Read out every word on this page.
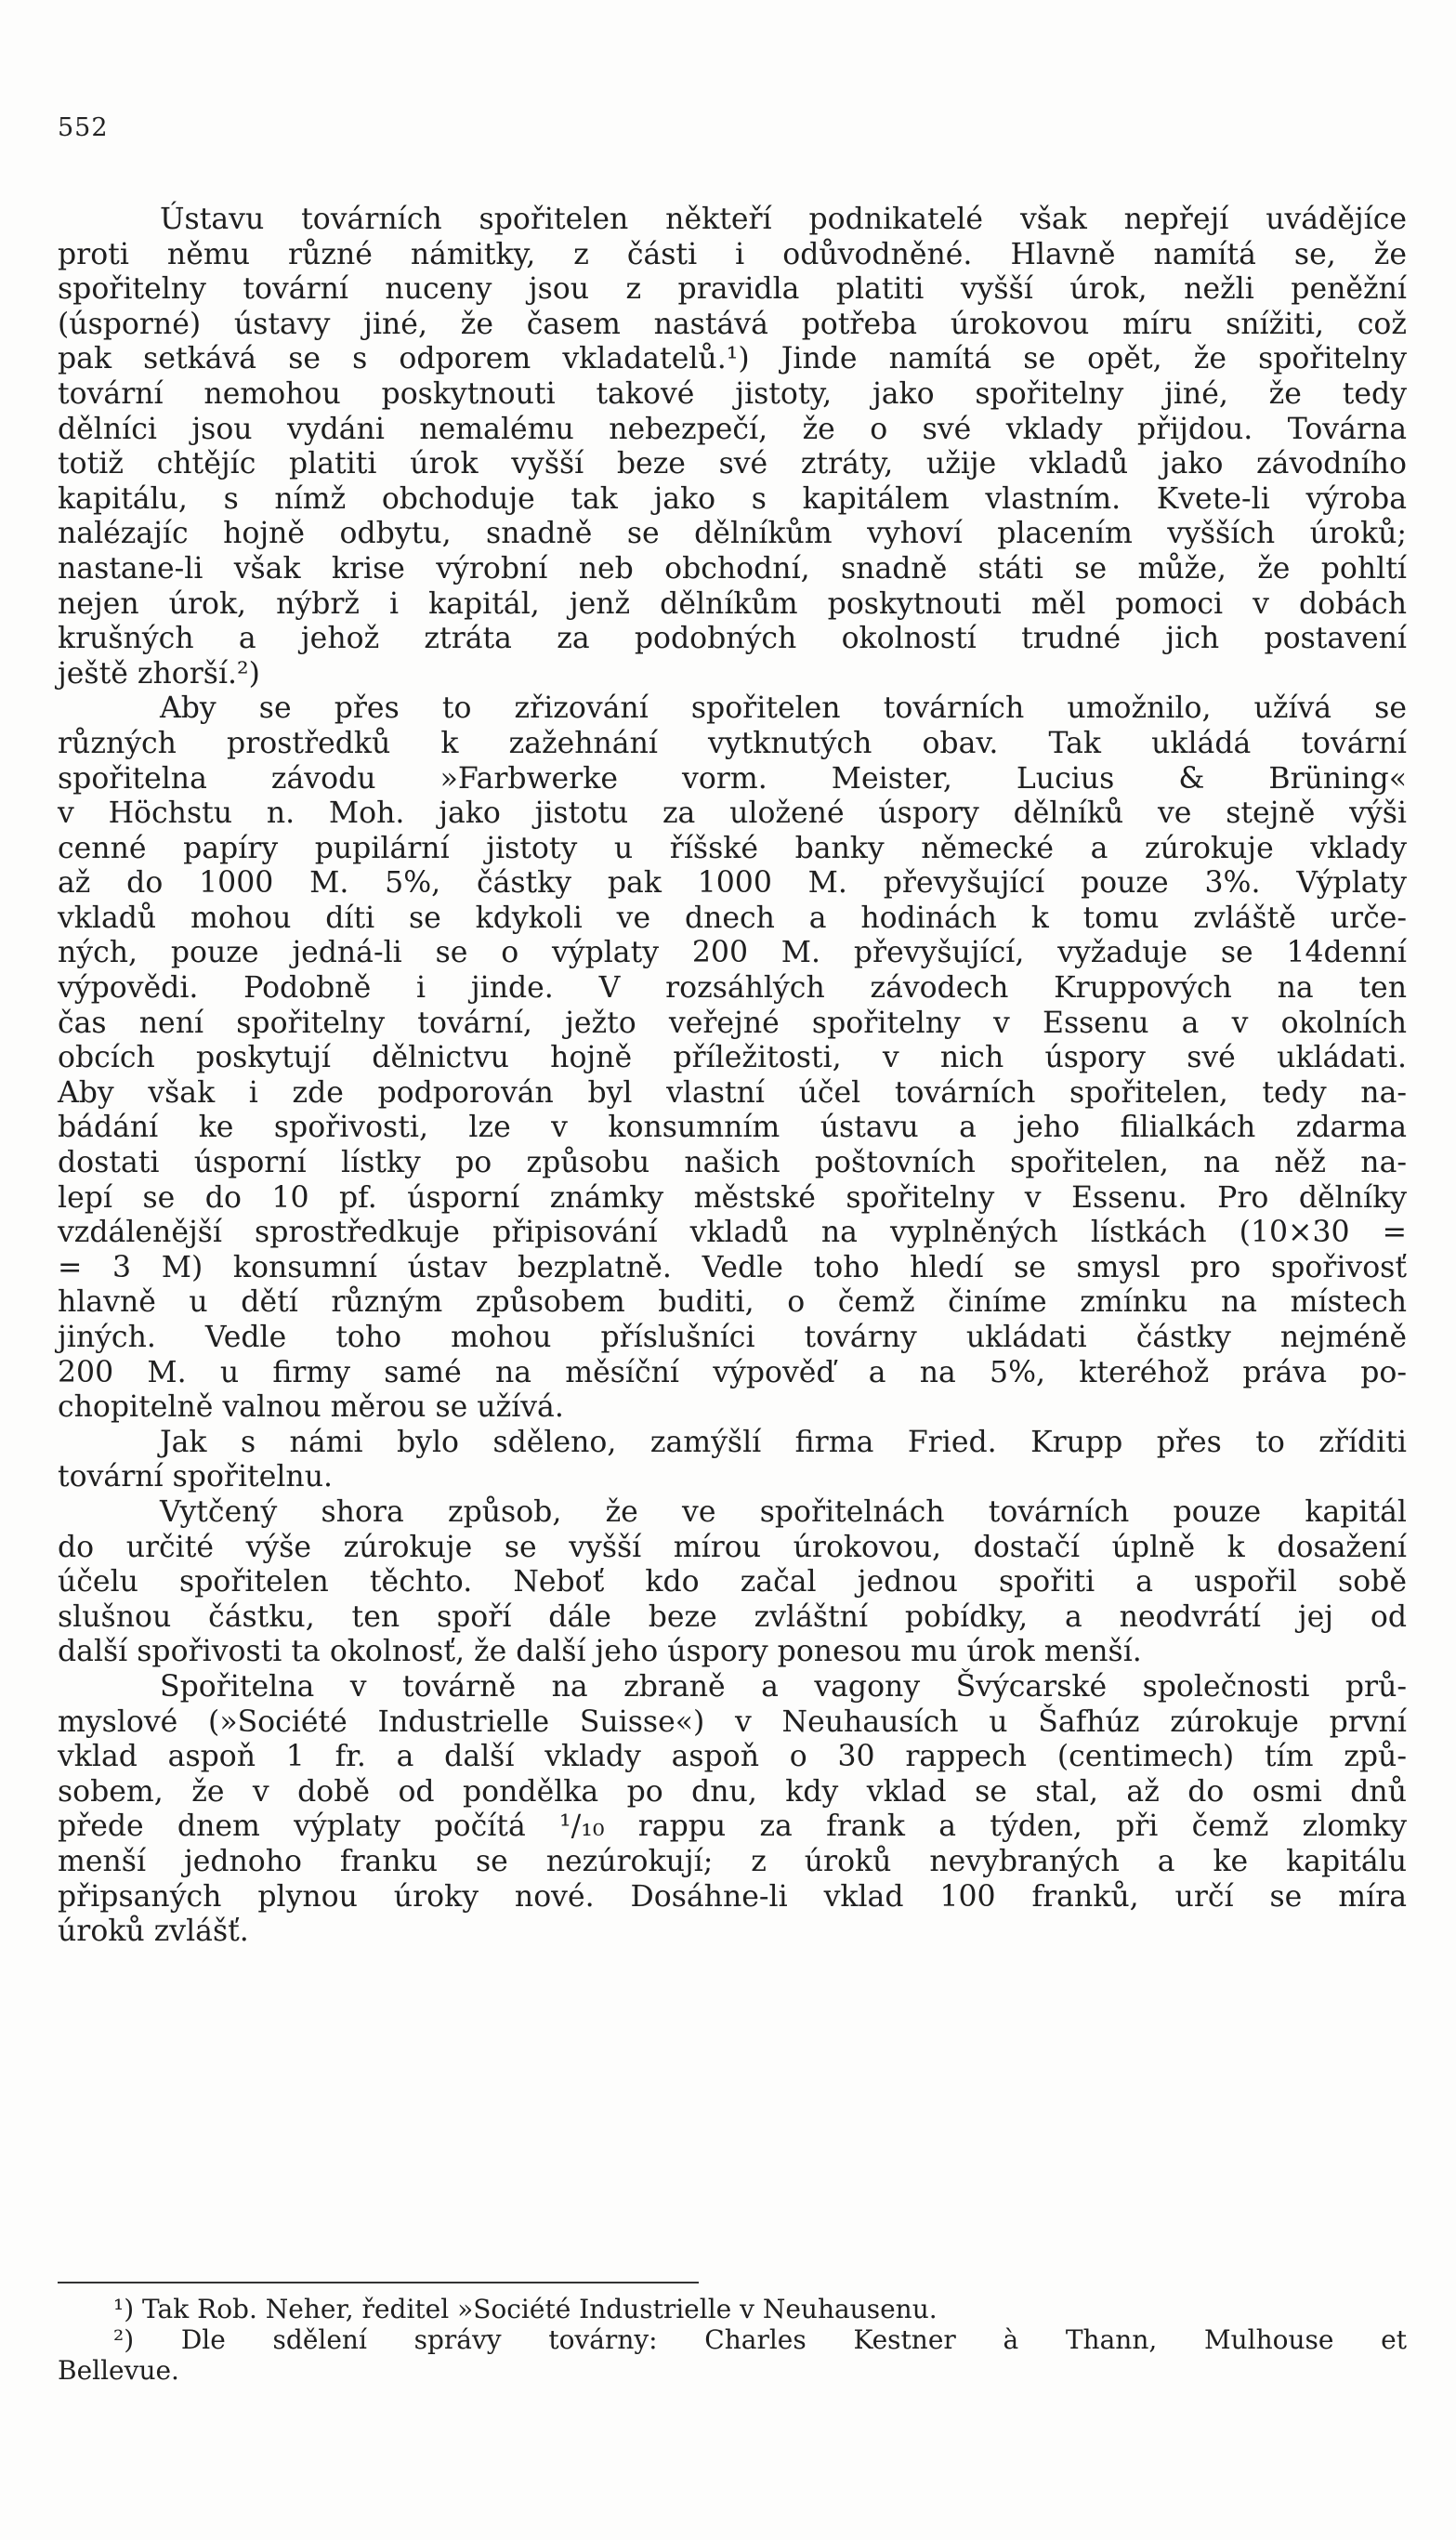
552
Ústavu továrních spořitelen někteří podnikatelé však nepřejí uvádějíce
proti němu různé námitky, z části i odůvodněné. Hlavně namítá se, že
spořitelny tovární nuceny jsou z pravidla platiti vyšší úrok, nežli peněžní
(úsporné) ústavy jiné, že časem nastává potřeba úrokovou míru snížiti, což
pak setkává se s odporem vkladatelů.¹) Jinde namítá se opět, že spořitelny
tovární nemohou poskytnouti takové jistoty, jako spořitelny jiné, že tedy
dělníci jsou vydáni nemalému nebezpečí, že o své vklady přijdou. Továrna
totiž chtějíc platiti úrok vyšší beze své ztráty, užije vkladů jako závodního
kapitálu, s nímž obchoduje tak jako s kapitálem vlastním. Kvete-li výroba
nalézajíc hojně odbytu, snadně se dělníkům vyhoví placením vyšších úroků;
nastane-li však krise výrobní neb obchodní, snadně státi se může, že pohltí
nejen úrok, nýbrž i kapitál, jenž dělníkům poskytnouti měl pomoci v dobách
krušných a jehož ztráta za podobných okolností trudné jich postavení
ještě zhorší.²)
Aby se přes to zřizování spořitelen továrních umožnilo, užívá se
různých prostředků k zažehnání vytknutých obav. Tak ukládá tovární
spořitelna závodu »Farbwerke vorm. Meister, Lucius & Brüning«
v Höchstu n. Moh. jako jistotu za uložené úspory dělníků ve stejně výši
cenné papíry pupilární jistoty u říšské banky německé a zúrokuje vklady
až do 1000 M. 5%, částky pak 1000 M. převyšující pouze 3%. Výplaty
vkladů mohou díti se kdykoli ve dnech a hodinách k tomu zvláště urče-
ných, pouze jedná-li se o výplaty 200 M. převyšující, vyžaduje se 14denní
výpovědi. Podobně i jinde. V rozsáhlých závodech Kruppových na ten
čas není spořitelny tovární, ježto veřejné spořitelny v Essenu a v okolních
obcích poskytují dělnictvu hojně příležitosti, v nich úspory své ukládati.
Aby však i zde podporován byl vlastní účel továrních spořitelen, tedy na-
bádání ke spořivosti, lze v konsumním ústavu a jeho filialkách zdarma
dostati úsporní lístky po způsobu našich poštovních spořitelen, na něž na-
lepí se do 10 pf. úsporní známky městské spořitelny v Essenu. Pro dělníky
vzdálenější sprostředkuje připisování vkladů na vyplněných lístkách (10×30 =
= 3 M) konsumní ústav bezplatně. Vedle toho hledí se smysl pro spořivosť
hlavně u dětí různým způsobem buditi, o čemž činíme zmínku na místech
jiných. Vedle toho mohou příslušníci továrny ukládati částky nejméně
200 M. u firmy samé na měsíční výpověď a na 5%, kteréhož práva po-
chopitelně valnou měrou se užívá.
Jak s námi bylo sděleno, zamýšlí firma Fried. Krupp přes to zříditi
tovární spořitelnu.
Vytčený shora způsob, že ve spořitelnách továrních pouze kapitál
do určité výše zúrokuje se vyšší mírou úrokovou, dostačí úplně k dosažení
účelu spořitelen těchto. Neboť kdo začal jednou spořiti a uspořil sobě
slušnou částku, ten spoří dále beze zvláštní pobídky, a neodvrátí jej od
další spořivosti ta okolnosť, že další jeho úspory ponesou mu úrok menší.
Spořitelna v továrně na zbraně a vagony Švýcarské společnosti prů-
myslové (»Société Industrielle Suisse«) v Neuhausích u Šafhúz zúrokuje první
vklad aspoň 1 fr. a další vklady aspoň o 30 rappech (centimech) tím způ-
sobem, že v době od pondělka po dnu, kdy vklad se stal, až do osmi dnů
přede dnem výplaty počítá ¹/₁₀ rappu za frank a týden, při čemž zlomky
menší jednoho franku se nezúrokují; z úroků nevybraných a ke kapitálu
připsaných plynou úroky nové. Dosáhne-li vklad 100 franků, určí se míra
úroků zvlášť.
¹) Tak Rob. Neher, ředitel »Société Industrielle v Neuhausenu.
²) Dle sdělení správy továrny: Charles Kestner à Thann, Mulhouse et
Bellevue.
